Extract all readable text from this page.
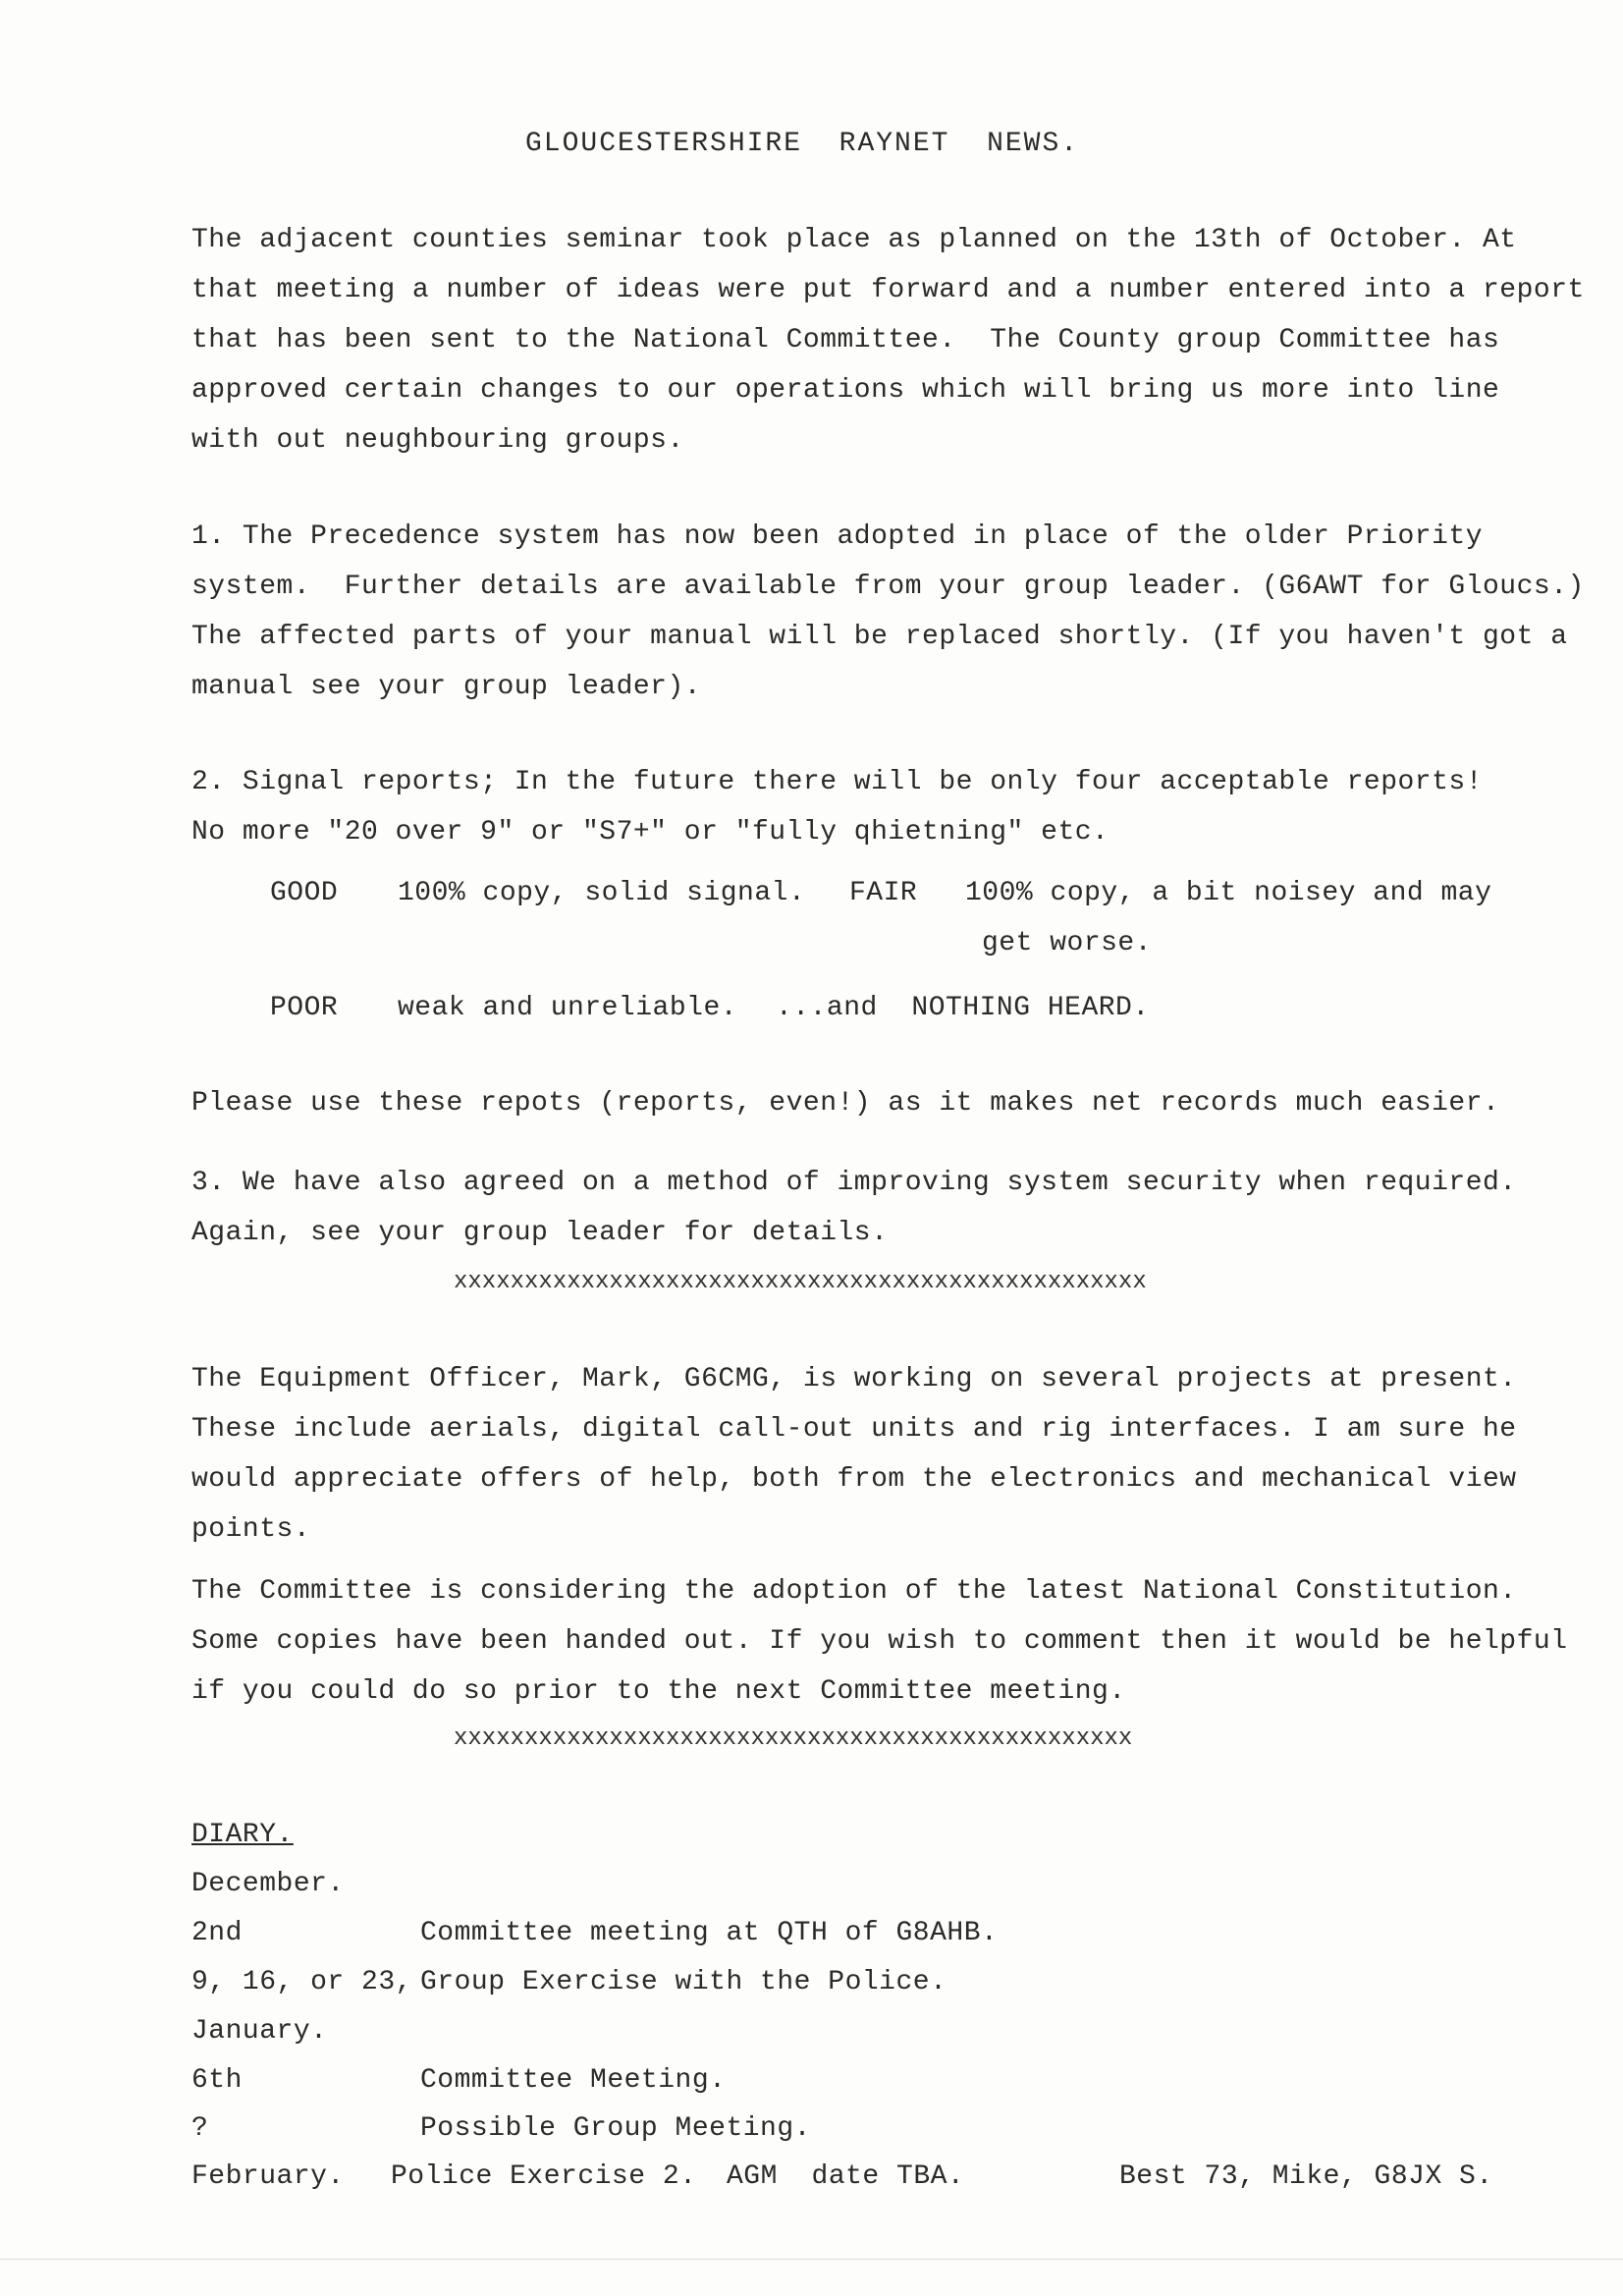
GLOUCESTERSHIRE  RAYNET  NEWS.
The adjacent counties seminar took place as planned on the 13th of October. At
that meeting a number of ideas were put forward and a number entered into a report
that has been sent to the National Committee.  The County group Committee has
approved certain changes to our operations which will bring us more into line
with out neughbouring groups.
1. The Precedence system has now been adopted in place of the older Priority
system.  Further details are available from your group leader. (G6AWT for Gloucs.)
The affected parts of your manual will be replaced shortly. (If you haven't got a
manual see your group leader).
2. Signal reports; In the future there will be only four acceptable reports!
No more "20 over 9" or "S7+" or "fully qhietning" etc.
GOOD 100% copy, solid signal. FAIR 100% copy, a bit noisey and may
get worse.
POOR weak and unreliable. ...and  NOTHING HEARD.
Please use these repots (reports, even!) as it makes net records much easier.
3. We have also agreed on a method of improving system security when required.
Again, see your group leader for details.
xxxxxxxxxxxxxxxxxxxxxxxxxxxxxxxxxxxxxxxxxxxxxxxxx
The Equipment Officer, Mark, G6CMG, is working on several projects at present.
These include aerials, digital call-out units and rig interfaces. I am sure he
would appreciate offers of help, both from the electronics and mechanical view
points.
The Committee is considering the adoption of the latest National Constitution.
Some copies have been handed out. If you wish to comment then it would be helpful
if you could do so prior to the next Committee meeting.
xxxxxxxxxxxxxxxxxxxxxxxxxxxxxxxxxxxxxxxxxxxxxxxx
DIARY.
December.
2nd	Committee meeting at QTH of G8AHB.
9, 16, or 23, Group Exercise with the Police.
January.
6th	Committee Meeting.
?	Possible Group Meeting.
February. Police Exercise 2. AGM  date TBA.	Best 73, Mike, G8JX S.
